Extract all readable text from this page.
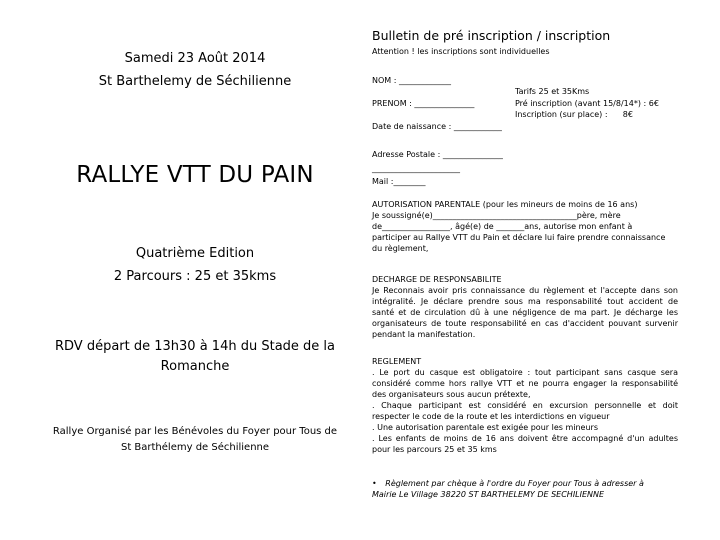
Samedi 23 Août 2014
St Barthelemy de Séchilienne
RALLYE VTT DU PAIN
Quatrième Edition
2 Parcours : 25 et 35kms
RDV départ de 13h30 à 14h du Stade de la Romanche
Rallye Organisé par les Bénévoles du Foyer pour Tous de
St Barthélemy de Séchilienne
Bulletin de pré inscription / inscription
Attention ! les inscriptions sont individuelles
NOM : _____________
Tarifs 25 et 35Kms
Pré inscription (avant 15/8/14*) : 6€
Inscription (sur place) :      8€
PRENOM : _______________
Date de naissance : ____________
Adresse Postale : _______________
______________________
Mail :________
AUTORISATION PARENTALE (pour les mineurs de moins de 16 ans)
Je soussigné(e)____________________________________père, mère
de_________________, âgé(e) de _______ans, autorise mon enfant à
participer au Rallye VTT du Pain et déclare lui faire prendre connaissance
du règlement,
DECHARGE DE RESPONSABILITE

Je Reconnais avoir pris connaissance du règlement et l'accepte dans son intégralité. Je déclare prendre sous ma responsabilité tout accident de santé et de circulation dû à une négligence de ma part. Je décharge les organisateurs de toute responsabilité en cas d'accident pouvant survenir pendant la manifestation.

REGLEMENT

. Le port du casque est obligatoire : tout participant sans casque sera considéré comme hors rallye VTT et ne pourra engager la responsabilité des organisateurs sous aucun prétexte,

. Chaque participant est considéré en excursion personnelle et doit respecter le code de la route et les interdictions en vigueur

. Une autorisation parentale est exigée pour les mineurs

. Les enfants de moins de 16 ans doivent être accompagné d'un adultes pour les parcours 25 et 35 kms

• Règlement par chèque à l'ordre du Foyer pour Tous à adresser à
Mairie Le Village 38220 ST BARTHELEMY DE SECHILIENNE
